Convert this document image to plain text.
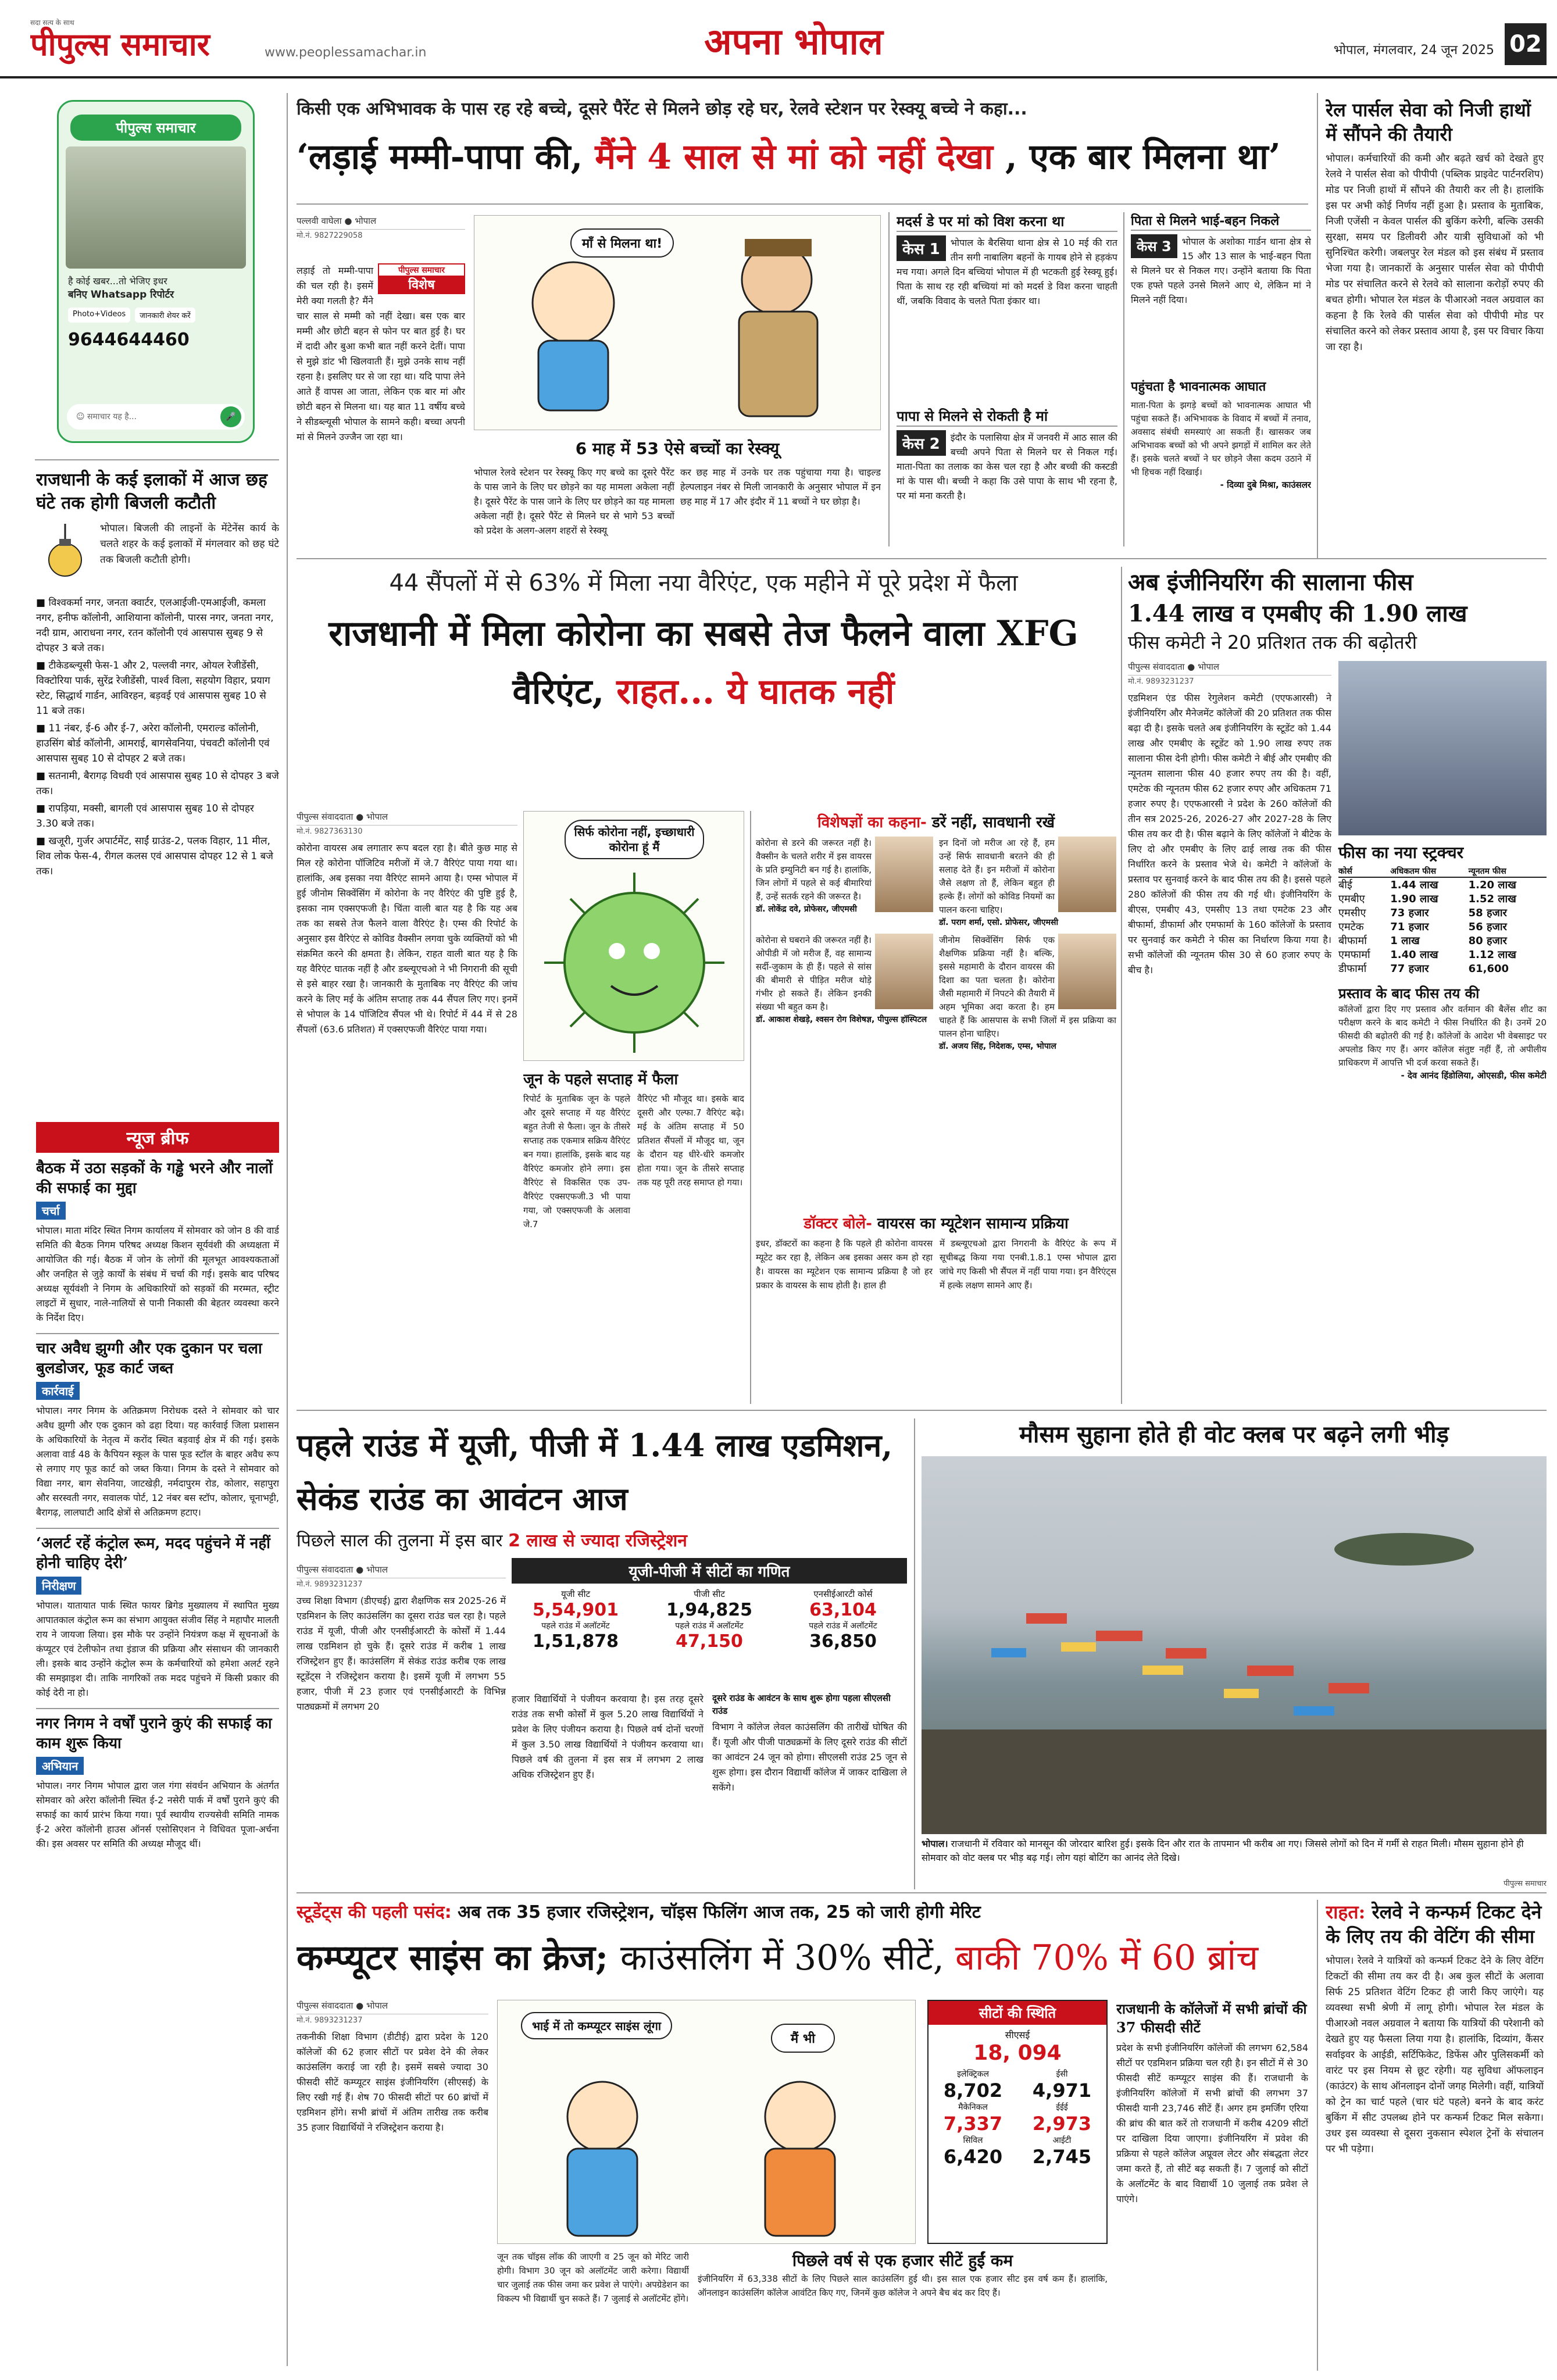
सदा सत्य के साथ
पीपुल्स समाचार	www.peoplessamachar.in	अपना भोपाल	भोपाल, मंगलवार, 24 जून 2025 02
पीपुल्स समाचार
है कोई खबर...तो भेजिए इधर
बनिए Whatsapp रिपोर्टर
Photo+Videos	जानकारी शेयर करें
9644644460
☺ समाचार यह है...	🎤
राजधानी के कई इलाकों में आज छह घंटे तक होगी बिजली कटौती

भोपाल। बिजली की लाइनों के मेंटेनेंस कार्य के चलते शहर के कई इलाकों में मंगलवार को छह घंटे तक बिजली कटौती होगी।

■ विश्वकर्मा नगर, जनता क्वार्टर, एलआईजी-एमआईजी, कमला नगर, हनीफ कॉलोनी, आशियाना कॉलोनी, पारस नगर, जनता नगर, नदी ग्राम, आराधना नगर, रतन कॉलोनी एवं आसपास सुबह 9 से दोपहर 3 बजे तक।
■ टीकेडब्ल्यूसी फेस-1 और 2, पल्लवी नगर, ओयल रेजीडेंसी, विक्टोरिया पार्क, सुरेंद्र रेजीडेंसी, पार्श्व विला, सहयोग विहार, प्रयाग स्टेट, सिद्धार्थ गार्डन, आविरहन, बड़वई एवं आसपास सुबह 10 से 11 बजे तक।
■ 11 नंबर, ई-6 और ई-7, अरेरा कॉलोनी, एमराल्ड कॉलोनी, हाउसिंग बोर्ड कॉलोनी, आमराई, बागसेवनिया, पंचवटी कॉलोनी एवं आसपास सुबह 10 से दोपहर 2 बजे तक।
■ सतनामी, बैरागढ़ विधवी एवं आसपास सुबह 10 से दोपहर 3 बजे तक।
■ रापड़िया, मक्सी, बागली एवं आसपास सुबह 10 से दोपहर 3.30 बजे तक।
■ खजूरी, गुर्जर अपार्टमेंट, साईं ग्राउंड-2, पलक विहार, 11 मील, शिव लोक फेस-4, रीगल कलस एवं आसपास दोपहर 12 से 1 बजे तक।
न्यूज ब्रीफ
बैठक में उठा सड़कों के गड्ढे भरने और नालों की सफाई का मुद्दा
चर्चा

भोपाल। माता मंदिर स्थित निगम कार्यालय में सोमवार को जोन 8 की वार्ड समिति की बैठक निगम परिषद अध्यक्ष किशन सूर्यवंशी की अध्यक्षता में आयोजित की गई। बैठक में जोन के लोगों की मूलभूत आवश्यकताओं और जनहित से जुड़े कार्यों के संबंध में चर्चा की गई। इसके बाद परिषद अध्यक्ष सूर्यवंशी ने निगम के अधिकारियों को सड़कों की मरम्मत, स्ट्रीट लाइटों में सुधार, नाले-नालियों से पानी निकासी की बेहतर व्यवस्था करने के निर्देश दिए।

चार अवैध झुग्गी और एक दुकान पर चला बुलडोजर, फूड कार्ट जब्त
कार्रवाई

भोपाल। नगर निगम के अतिक्रमण निरोधक दस्ते ने सोमवार को चार अवैध झुग्गी और एक दुकान को ढहा दिया। यह कार्रवाई जिला प्रशासन के अधिकारियों के नेतृत्व में करोंद स्थित बड़वाई क्षेत्र में की गई। इसके अलावा वार्ड 48 के कैपियन स्कूल के पास फूड स्टॉल के बाहर अवैध रूप से लगाए गए फूड कार्ट को जब्त किया। निगम के दस्ते ने सोमवार को विद्या नगर, बाग सेवनिया, जाटखेड़ी, नर्मदापुरम रोड, कोलार, सहापुरा और सरस्वती नगर, सवालक पोर्ट, 12 नंबर बस स्टॉप, कोलार, चूनाभट्टी, बैरागढ़, लालघाटी आदि क्षेत्रों से अतिक्रमण हटाए।

‘अलर्ट रहें कंट्रोल रूम, मदद पहुंचने में नहीं होनी चाहिए देरी’
निरीक्षण

भोपाल। यातायात पार्क स्थित फायर ब्रिगेड मुख्यालय में स्थापित मुख्य आपातकाल कंट्रोल रूम का संभाग आयुक्त संजीव सिंह ने महापौर मालती राय ने जायजा लिया। इस मौके पर उन्होंने नियंत्रण कक्ष में सूचनाओं के कंप्यूटर एवं टेलीफोन तथा इंडाज की प्रक्रिया और संसाधन की जानकारी ली। इसके बाद उन्होंने कंट्रोल रूम के कर्मचारियों को हमेशा अलर्ट रहने की समझाइश दी। ताकि नागरिकों तक मदद पहुंचने में किसी प्रकार की कोई देरी ना हो।

नगर निगम ने वर्षों पुराने कुएं की सफाई का काम शुरू किया
अभियान

भोपाल। नगर निगम भोपाल द्वारा जल गंगा संवर्धन अभियान के अंतर्गत सोमवार को अरेरा कॉलोनी स्थित ई-2 नसेरी पार्क में वर्षों पुराने कुएं की सफाई का कार्य प्रारंभ किया गया। पूर्व स्थायीय राज्यसेवी समिति नामक ई-2 अरेरा कॉलोनी हाउस ऑनर्स एसोसिएशन ने विधिवत पूजा-अर्चना की। इस अवसर पर समिति की अध्यक्ष मौजूद थीं।

किसी एक अभिभावक के पास रह रहे बच्चे, दूसरे पैरेंट से मिलने छोड़ रहे घर, रेलवे स्टेशन पर रेस्क्यू बच्चे ने कहा...
‘लड़ाई मम्मी-पापा की, मैंने 4 साल से मां को नहीं देखा , एक बार मिलना था’
पल्लवी वाघेला ● भोपाल
मो.नं. 9827229058
पीपुल्स समाचार
विशेष

लड़ाई तो मम्मी-पापा की चल रही है। इसमें मेरी क्या गलती है? मैंने चार साल से मम्मी को नहीं देखा। बस एक बार मम्मी और छोटी बहन से फोन पर बात हुई है। घर में दादी और बुआ कभी बात नहीं करने देतीं। पापा से मुझे डांट भी खिलवाती हैं। मुझे उनके साथ नहीं रहना है। इसलिए घर से जा रहा था। यदि पापा लेने आते हैं वापस आ जाता, लेकिन एक बार मां और छोटी बहन से मिलना था। यह बात 11 वर्षीय बच्चे ने सीडब्ल्यूसी भोपाल के सामने कही। बच्चा अपनी मां से मिलने उज्जैन जा रहा था।

माँ से मिलना था!
6 माह में 53 ऐसे बच्चों का रेस्क्यू

भोपाल रेलवे स्टेशन पर रेस्क्यू किए गए बच्चे का दूसरे पैरेंट के पास जाने के लिए घर छोड़ने का यह मामला अकेला नहीं है। दूसरे पैरेंट के पास जाने के लिए घर छोड़ने का यह मामला अकेला नहीं है। दूसरे पैरेंट से मिलने घर से भागे 53 बच्चों को प्रदेश के अलग-अलग शहरों से रेस्क्यू

कर छह माह में उनके घर तक पहुंचाया गया है। चाइल्ड हेल्पलाइन नंबर से मिली जानकारी के अनुसार भोपाल में इन छह माह में 17 और इंदौर में 11 बच्चों ने घर छोड़ा है।

मदर्स डे पर मां को विश करना था
केस 1	भोपाल के बैरसिया थाना क्षेत्र से 10 मई की रात तीन सगी नाबालिग बहनों के गायब होने से हड़कंप मच गया। अगले दिन बच्चियां भोपाल में ही भटकती हुई रेस्क्यू हुई। पिता के साथ रह रही बच्चियां मां को मदर्स डे विश करना चाहती थीं, जबकि विवाद के चलते पिता इंकार था।

पापा से मिलने से रोकती है मां
केस 2	इंदौर के पलासिया क्षेत्र में जनवरी में आठ साल की बच्ची अपने पिता से मिलने घर से निकल गई। माता-पिता का तलाक का केस चल रहा है और बच्ची की कस्टडी मां के पास थी। बच्ची ने कहा कि उसे पापा के साथ भी रहना है, पर मां मना करती है।

पिता से मिलने भाई-बहन निकले
केस 3	भोपाल के अशोका गार्डन थाना क्षेत्र से 15 और 13 साल के भाई-बहन पिता से मिलने घर से निकल गए। उन्होंने बताया कि पिता एक हफ्ते पहले उनसे मिलने आए थे, लेकिन मां ने मिलने नहीं दिया।

पहुंचता है भावनात्मक आघात

माता-पिता के झगड़े बच्चों को भावनात्मक आघात भी पहुंचा सकते हैं। अभिभावक के विवाद में बच्चों में तनाव, अवसाद संबंधी समस्याएं आ सकती हैं। खासकर जब अभिभावक बच्चों को भी अपने झगड़ों में शामिल कर लेते हैं। इसके चलते बच्चों ने घर छोड़ने जैसा कदम उठाने में भी हिचक नहीं दिखाई।

- दिव्या दुबे मिश्रा, काउंसलर
रेल पार्सल सेवा को निजी हाथों में सौंपने की तैयारी

भोपाल। कर्मचारियों की कमी और बढ़ते खर्च को देखते हुए रेलवे ने पार्सल सेवा को पीपीपी (पब्लिक प्राइवेट पार्टनरशिप) मोड पर निजी हाथों में सौंपने की तैयारी कर ली है। हालांकि इस पर अभी कोई निर्णय नहीं हुआ है। प्रस्ताव के मुताबिक, निजी एजेंसी न केवल पार्सल की बुकिंग करेगी, बल्कि उसकी सुरक्षा, समय पर डिलीवरी और यात्री सुविधाओं को भी सुनिश्चित करेगी। जबलपुर रेल मंडल को इस संबंध में प्रस्ताव भेजा गया है। जानकारों के अनुसार पार्सल सेवा को पीपीपी मोड पर संचालित करने से रेलवे को सालाना करोड़ों रुपए की बचत होगी। भोपाल रेल मंडल के पीआरओ नवल अग्रवाल का कहना है कि रेलवे की पार्सल सेवा को पीपीपी मोड पर संचालित करने को लेकर प्रस्ताव आया है, इस पर विचार किया जा रहा है।

44 सैंपलों में से 63% में मिला नया वैरिएंट, एक महीने में पूरे प्रदेश में फैला
राजधानी में मिला कोरोना का सबसे तेज फैलने वाला XFG वैरिएंट, राहत... ये घातक नहीं
पीपुल्स संवाददाता ● भोपाल
मो.नं. 9827363130

कोरोना वायरस अब लगातार रूप बदल रहा है। बीते कुछ माह से मिल रहे कोरोना पॉजिटिव मरीजों में जे.7 वैरिएंट पाया गया था। हालांकि, अब इसका नया वैरिएंट सामने आया है। एम्स भोपाल में हुई जीनोम सिक्वेंसिंग में कोरोना के नए वैरिएंट की पुष्टि हुई है, इसका नाम एक्सएफजी है। चिंता वाली बात यह है कि यह अब तक का सबसे तेज फैलने वाला वैरिएंट है। एम्स की रिपोर्ट के अनुसार इस वैरिएंट से कोविड वैक्सीन लगवा चुके व्यक्तियों को भी संक्रमित करने की क्षमता है। लेकिन, राहत वाली बात यह है कि यह वैरिएंट घातक नहीं है और डब्ल्यूएचओ ने भी निगरानी की सूची से इसे बाहर रखा है। जानकारी के मुताबिक नए वैरिएंट की जांच करने के लिए मई के अंतिम सप्ताह तक 44 सैंपल लिए गए। इनमें से भोपाल के 14 पॉजिटिव सैंपल भी थे। रिपोर्ट में 44 में से 28 सैंपलों (63.6 प्रतिशत) में एक्सएफजी वैरिएंट पाया गया।

सिर्फ कोरोना नहीं, इच्छाधारी कोरोना हूं मैं
जून के पहले सप्ताह में फैला

रिपोर्ट के मुताबिक जून के पहले और दूसरे सप्ताह में यह वैरिएंट बहुत तेजी से फैला। जून के तीसरे सप्ताह तक एकमात्र सक्रिय वैरिएंट बन गया। हालांकि, इसके बाद यह वैरिएंट कमजोर होने लगा। इस वैरिएंट से विकसित एक उप-वैरिएंट एक्सएफजी.3 भी पाया गया, जो एक्सएफजी के अलावा जे.7

वैरिएंट भी मौजूद था। इसके बाद दूसरी और एल्फा.7 वैरिएंट बढ़े। मई के अंतिम सप्ताह में 50 प्रतिशत सैंपलों में मौजूद था, जून के दौरान यह धीरे-धीरे कमजोर होता गया। जून के तीसरे सप्ताह तक यह पूरी तरह समाप्त हो गया।

विशेषज्ञों का कहना- डरें नहीं, सावधानी रखें

कोरोना से डरने की जरूरत नहीं है। वैक्सीन के चलते शरीर में इस वायरस के प्रति इम्युनिटी बन गई है। हालांकि, जिन लोगों में पहले से कई बीमारियां हैं, उन्हें सतर्क रहने की जरूरत है।

डॉ. लोकेंद्र दवे, प्रोफेसर, जीएमसी

इन दिनों जो मरीज आ रहे हैं, हम उन्हें सिर्फ सावधानी बरतने की ही सलाह देते हैं। इन मरीजों में कोरोना जैसे लक्षण तो हैं, लेकिन बहुत ही हल्के हैं। लोगों को कोविड नियमों का पालन करना चाहिए।

डॉ. पराग शर्मा, एसो. प्रोफेसर, जीएमसी

कोरोना से घबराने की जरूरत नहीं है। ओपीडी में जो मरीज हैं, वह सामान्य सर्दी-जुकाम के ही हैं। पहले से सांस की बीमारी से पीड़ित मरीज थोड़े गंभीर हो सकते हैं। लेकिन इनकी संख्या भी बहुत कम है।

डॉ. आकाश शेखड़े, श्वसन रोग विशेषज्ञ, पीपुल्स हॉस्पिटल

जीनोम सिक्वेंसिंग सिर्फ एक शैक्षणिक प्रक्रिया नहीं है। बल्कि, इससे महामारी के दौरान वायरस की दिशा का पता चलता है। कोरोना जैसी महामारी में निपटने की तैयारी में अहम भूमिका अदा करता है। हम चाहते हैं कि आसपास के सभी जिलों में इस प्रक्रिया का पालन होना चाहिए।

डॉ. अजय सिंह, निदेशक, एम्स, भोपाल
डॉक्टर बोले- वायरस का म्यूटेशन सामान्य प्रक्रिया

इधर, डॉक्टरों का कहना है कि पहले ही कोरोना वायरस म्यूटेट कर रहा है, लेकिन अब इसका असर कम हो रहा है। वायरस का म्यूटेशन एक सामान्य प्रक्रिया है जो हर प्रकार के वायरस के साथ होती है। हाल ही

में डब्ल्यूएचओ द्वारा निगरानी के वैरिएंट के रूप में सूचीबद्ध किया गया एनबी.1.8.1 एम्स भोपाल द्वारा जांचे गए किसी भी सैंपल में नहीं पाया गया। इन वैरिएंट्स में हल्के लक्षण सामने आए हैं।

अब इंजीनियरिंग की सालाना फीस
1.44 लाख व एमबीए की 1.90 लाख
फीस कमेटी ने 20 प्रतिशत तक की बढ़ोतरी
पीपुल्स संवाददाता ● भोपाल
मो.नं. 9893231237

एडमिशन एंड फीस रेगुलेशन कमेटी (एएफआरसी) ने इंजीनियरिंग और मैनेजमेंट कॉलेजों की 20 प्रतिशत तक फीस बढ़ा दी है। इसके चलते अब इंजीनियरिंग के स्टूडेंट को 1.44 लाख और एमबीए के स्टूडेंट को 1.90 लाख रुपए तक सालाना फीस देनी होगी। फीस कमेटी ने बीई और एमबीए की न्यूनतम सालाना फीस 40 हजार रुपए तय की है। वहीं, एमटेक की न्यूनतम फीस 62 हजार रुपए और अधिकतम 71 हजार रुपए है। एएफआरसी ने प्रदेश के 260 कॉलेजों की तीन सत्र 2025-26, 2026-27 और 2027-28 के लिए फीस तय कर दी है। फीस बढ़ाने के लिए कॉलेजों ने बीटेक के लिए दो और एमबीए के लिए ढाई लाख तक की फीस निर्धारित करने के प्रस्ताव भेजे थे। कमेटी ने कॉलेजों के प्रस्ताव पर सुनवाई करने के बाद फीस तय की है। इससे पहले 280 कॉलेजों की फीस तय की गई थी। इंजीनियरिंग के बीएस, एमबीए 43, एमसीए 13 तथा एमटेक 23 और बीफार्मा, डीफार्मा और एमफार्मा के 160 कॉलेजों के प्रस्ताव पर सुनवाई कर कमेटी ने फीस का निर्धारण किया गया है। सभी कॉलेजों की न्यूनतम फीस 30 से 60 हजार रुपए के बीच है।

फीस का नया स्ट्रक्चर
कोर्स	अधिकतम फीस	न्यूनतम फीस
बीई	1.44 लाख	1.20 लाख
एमबीए	1.90 लाख	1.52 लाख
एमसीए	73 हजार	58 हजार
एमटेक	71 हजार	56 हजार
बीफार्मा	1 लाख	80 हजार
एमफार्मा	1.40 लाख	1.12 लाख
डीफार्मा	77 हजार	61,600
प्रस्ताव के बाद फीस तय की

कॉलेजों द्वारा दिए गए प्रस्ताव और वर्तमान की बैलेंस शीट का परीक्षण करने के बाद कमेटी ने फीस निर्धारित की है। उनमें 20 फीसदी की बढ़ोतरी की गई है। कॉलेजों के आदेश भी वेबसाइट पर अपलोड किए गए हैं। अगर कॉलेज संतुष्ट नहीं हैं, तो अपीलीय प्राधिकरण में आपत्ति भी दर्ज करवा सकते हैं।

- देव आनंद हिंडोलिया, ओएसडी, फीस कमेटी
पहले राउंड में यूजी, पीजी में 1.44 लाख एडमिशन, सेकंड राउंड का आवंटन आज
पिछले साल की तुलना में इस बार 2 लाख से ज्यादा रजिस्ट्रेशन
पीपुल्स संवाददाता ● भोपाल
मो.नं. 9893231237

उच्च शिक्षा विभाग (डीएचई) द्वारा शैक्षणिक सत्र 2025-26 में एडमिशन के लिए काउंसलिंग का दूसरा राउंड चल रहा है। पहले राउंड में यूजी, पीजी और एनसीईआरटी के कोर्सों में 1.44 लाख एडमिशन हो चुके हैं। दूसरे राउंड में करीब 1 लाख रजिस्ट्रेशन हुए हैं। काउंसलिंग में सेकंड राउंड करीब एक लाख स्टूडेंट्स ने रजिस्ट्रेशन कराया है। इसमें यूजी में लगभग 55 हजार, पीजी में 23 हजार एवं एनसीईआरटी के विभिन्न पाठ्यक्रमों में लगभग 20

यूजी-पीजी में सीटों का गणित
यूजी सीट
5,54,901
पहले राउंड में अलॉटमेंट
1,51,878
पीजी सीट
1,94,825
पहले राउंड में अलॉटमेंट
47,150
एनसीईआरटी कोर्स
63,104
पहले राउंड में अलॉटमेंट
36,850

हजार विद्यार्थियों ने पंजीयन करवाया है। इस तरह दूसरे राउंड तक सभी कोर्सों में कुल 5.20 लाख विद्यार्थियों ने प्रवेश के लिए पंजीयन कराया है। पिछले वर्ष दोनों चरणों में कुल 3.50 लाख विद्यार्थियों ने पंजीयन करवाया था। पिछले वर्ष की तुलना में इस सत्र में लगभग 2 लाख अधिक रजिस्ट्रेशन हुए हैं।

दूसरे राउंड के आवंटन के साथ शुरू होगा पहला सीएलसी राउंड

विभाग ने कॉलेज लेवल काउंसलिंग की तारीखें घोषित की हैं। यूजी और पीजी पाठ्यक्रमों के लिए दूसरे राउंड की सीटों का आवंटन 24 जून को होगा। सीएलसी राउंड 25 जून से शुरू होगा। इस दौरान विद्यार्थी कॉलेज में जाकर दाखिला ले सकेंगे।

मौसम सुहाना होते ही वोट क्लब पर बढ़ने लगी भीड़
भोपाल। राजधानी में रविवार को मानसून की जोरदार बारिश हुई। इसके दिन और रात के तापमान भी करीब आ गए। जिससे लोगों को दिन में गर्मी से राहत मिली। मौसम सुहाना होने ही सोमवार को वोट क्लब पर भीड़ बढ़ गई। लोग यहां बोटिंग का आनंद लेते दिखे।
पीपुल्स समाचार
स्टूडेंट्स की पहली पसंद: अब तक 35 हजार रजिस्ट्रेशन, चॉइस फिलिंग आज तक, 25 को जारी होगी मेरिट
कम्प्यूटर साइंस का क्रेज; काउंसलिंग में 30% सीटें, बाकी 70% में 60 ब्रांच
पीपुल्स संवाददाता ● भोपाल
मो.नं. 9893231237

तकनीकी शिक्षा विभाग (डीटीई) द्वारा प्रदेश के 120 कॉलेजों की 62 हजार सीटों पर प्रवेश देने की लेकर काउंसलिंग कराई जा रही है। इसमें सबसे ज्यादा 30 फीसदी सीटें कम्प्यूटर साइंस इंजीनियरिंग (सीएसई) के लिए रखी गई हैं। शेष 70 फीसदी सीटों पर 60 ब्रांचों में एडमिशन होंगे। सभी ब्रांचों में अंतिम तारीख तक करीब 35 हजार विद्यार्थियों ने रजिस्ट्रेशन कराया है।

भाई में तो कम्प्यूटर साइंस लूंगा
मैं भी

जून तक चॉइस लॉक की जाएगी व 25 जून को मेरिट जारी होगी। विभाग 30 जून को अलॉटमेंट जारी करेगा। विद्यार्थी चार जुलाई तक फीस जमा कर प्रवेश ले पाएंगे। अपग्रेडेशन का विकल्प भी विद्यार्थी चुन सकते हैं। 7 जुलाई से अलॉटमेंट होंगे।

सीटों की स्थिति
सीएसई
18, 094
इलेक्ट्रिकल	ईसी
8,702	4,971
मैकेनिकल	ईईई
7,337	2,973
सिविल	आईटी
6,420	2,745
पिछले वर्ष से एक हजार सीटें हुईं कम

इंजीनियरिंग में 63,338 सीटों के लिए पिछले साल काउंसलिंग हुई थी। इस साल एक हजार सीट इस वर्ष कम हैं। हालांकि, ऑनलाइन काउंसलिंग कॉलेज आवंटित किए गए, जिनमें कुछ कॉलेज ने अपने बैच बंद कर दिए हैं।

राजधानी के कॉलेजों में सभी ब्रांचों की 37 फीसदी सीटें

प्रदेश के सभी इंजीनियरिंग कॉलेजों की लगभग 62,584 सीटों पर एडमिशन प्रक्रिया चल रही है। इन सीटों में से 30 फीसदी सीटें कम्प्यूटर साइंस की हैं। राजधानी के इंजीनियरिंग कॉलेजों में सभी ब्रांचों की लगभग 37 फीसदी यानी 23,746 सीटें हैं। अगर हम इमर्जिंग एरिया की ब्रांच की बात करें तो राजधानी में करीब 4209 सीटों पर दाखिला दिया जाएगा। इंजीनियरिंग में प्रवेश की प्रक्रिया से पहले कॉलेज अप्रूवल लेटर और संबद्धता लेटर जमा करते हैं, तो सीटें बढ़ सकती हैं। 7 जुलाई को सीटों के अलॉटमेंट के बाद विद्यार्थी 10 जुलाई तक प्रवेश ले पाएंगे।

राहत: रेलवे ने कन्फर्म टिकट देने के लिए तय की वेटिंग की सीमा

भोपाल। रेलवे ने यात्रियों को कन्फर्म टिकट देने के लिए वेटिंग टिकटों की सीमा तय कर दी है। अब कुल सीटों के अलावा सिर्फ 25 प्रतिशत वेटिंग टिकट ही जारी किए जाएंगे। यह व्यवस्था सभी श्रेणी में लागू होगी। भोपाल रेल मंडल के पीआरओ नवल अग्रवाल ने बताया कि यात्रियों की परेशानी को देखते हुए यह फैसला लिया गया है। हालांकि, दिव्यांग, कैंसर सर्वाइवर के आईडी, सर्टिफिकेट, डिफेंस और पुलिसकर्मी को वारंट पर इस नियम से छूट रहेगी। यह सुविधा ऑफलाइन (काउंटर) के साथ ऑनलाइन दोनों जगह मिलेगी। वहीं, यात्रियों को ट्रेन का चार्ट पहले (चार घंटे पहले) बनने के बाद करंट बुकिंग में सीट उपलब्ध होने पर कन्फर्म टिकट मिल सकेगा। उधर इस व्यवस्था से दूसरा नुकसान स्पेशल ट्रेनों के संचालन पर भी पड़ेगा।
